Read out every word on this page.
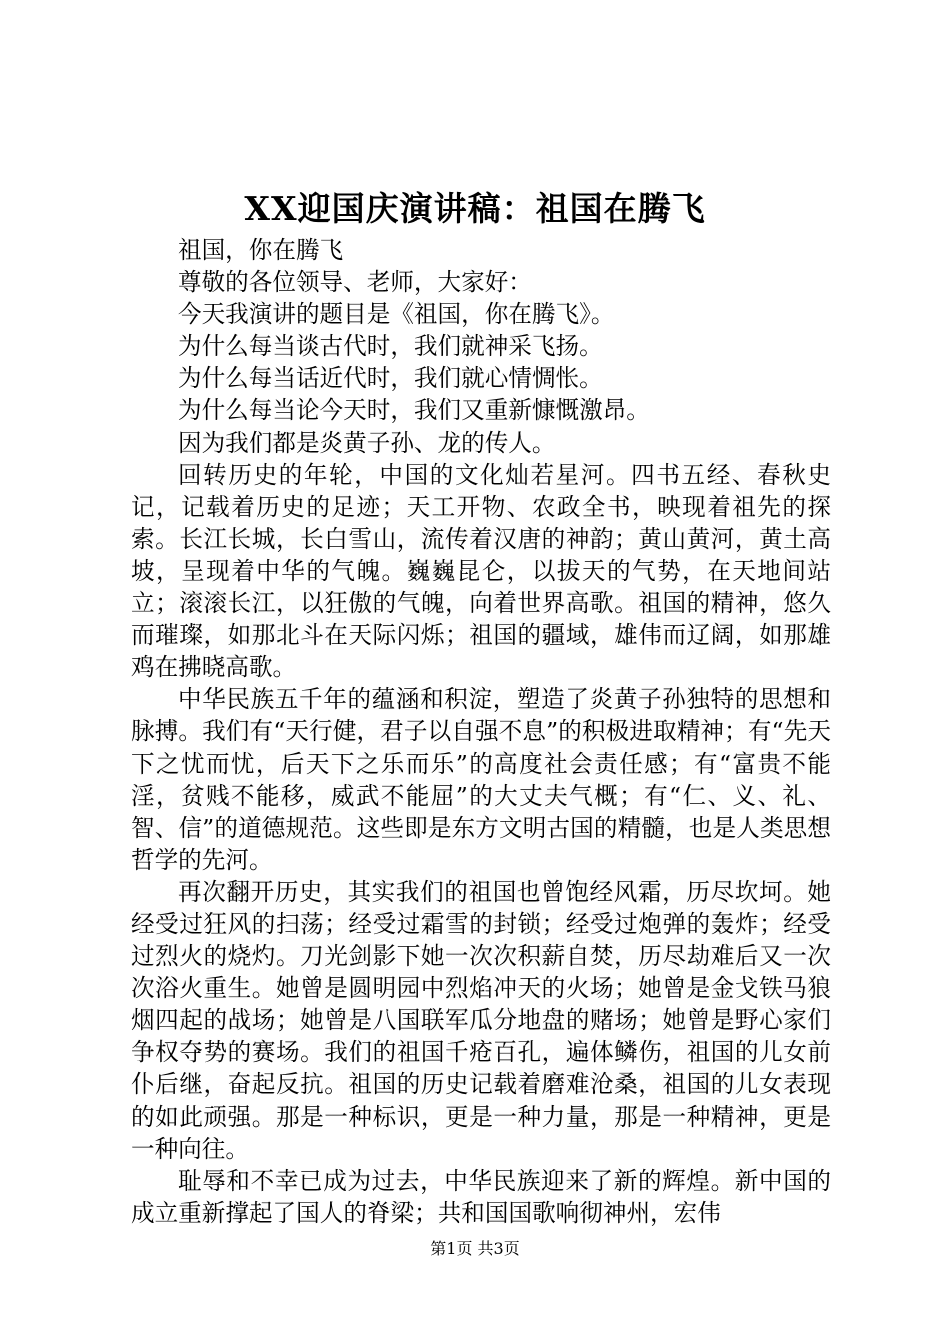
XX迎国庆演讲稿：祖国在腾飞

祖国，你在腾飞

尊敬的各位领导、老师，大家好：

今天我演讲的题目是《祖国，你在腾飞》。

为什么每当谈古代时，我们就神采飞扬。

为什么每当话近代时，我们就心情惆怅。

为什么每当论今天时，我们又重新慷慨激昂。

因为我们都是炎黄子孙、龙的传人。

回转历史的年轮，中国的文化灿若星河。四书五经、春秋史记，记载着历史的足迹；天工开物、农政全书，映现着祖先的探索。长江长城，长白雪山，流传着汉唐的神韵；黄山黄河，黄土高坡，呈现着中华的气魄。巍巍昆仑，以拔天的气势，在天地间站立；滚滚长江，以狂傲的气魄，向着世界高歌。祖国的精神，悠久而璀璨，如那北斗在天际闪烁；祖国的疆域，雄伟而辽阔，如那雄鸡在拂晓高歌。

中华民族五千年的蕴涵和积淀，塑造了炎黄子孙独特的思想和脉搏。我们有“天行健，君子以自强不息”的积极进取精神；有“先天下之忧而忧，后天下之乐而乐”的高度社会责任感；有“富贵不能淫，贫贱不能移，威武不能屈”的大丈夫气概；有“仁、义、礼、智、信”的道德规范。这些即是东方文明古国的精髓，也是人类思想哲学的先河。

再次翻开历史，其实我们的祖国也曾饱经风霜，历尽坎坷。她经受过狂风的扫荡；经受过霜雪的封锁；经受过炮弹的轰炸；经受过烈火的烧灼。刀光剑影下她一次次积薪自焚，历尽劫难后又一次次浴火重生。她曾是圆明园中烈焰冲天的火场；她曾是金戈铁马狼烟四起的战场；她曾是八国联军瓜分地盘的赌场；她曾是野心家们争权夺势的赛场。我们的祖国千疮百孔，遍体鳞伤，祖国的儿女前仆后继，奋起反抗。祖国的历史记载着磨难沧桑，祖国的儿女表现的如此顽强。那是一种标识，更是一种力量，那是一种精神，更是一种向往。

耻辱和不幸已成为过去，中华民族迎来了新的辉煌。新中国的成立重新撑起了国人的脊梁；共和国国歌响彻神州，宏伟

第1页 共3页
